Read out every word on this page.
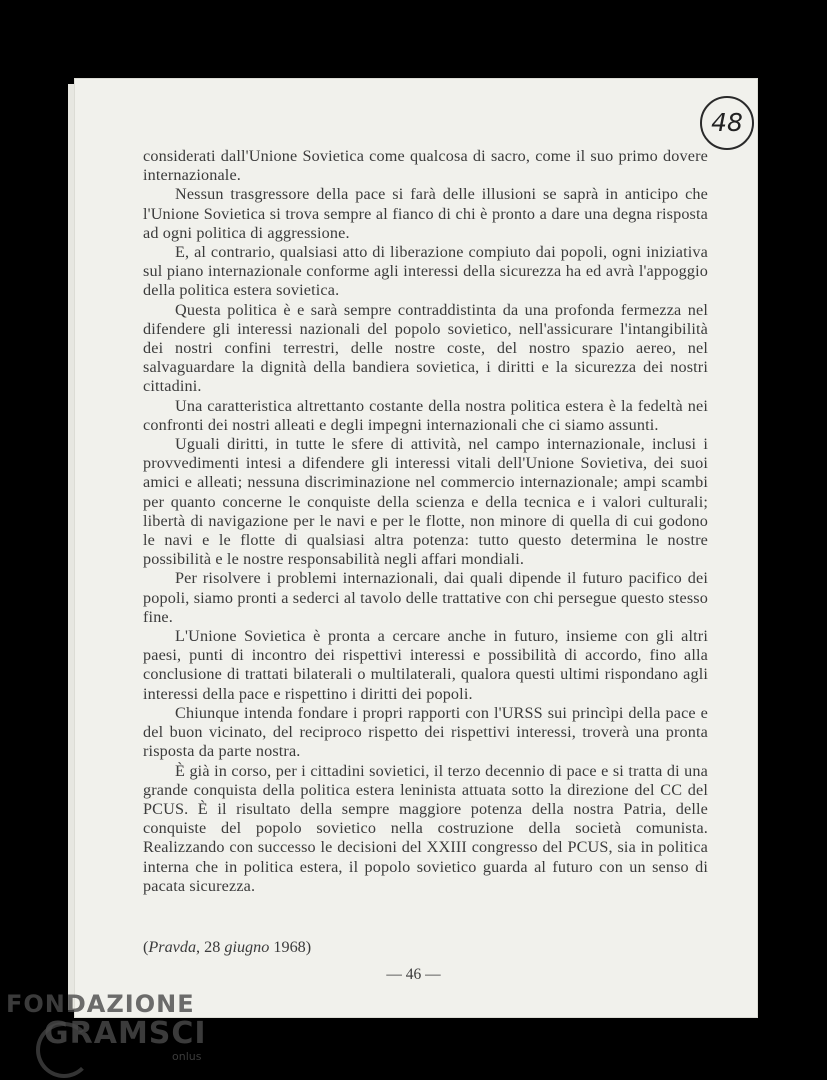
48

considerati dall'Unione Sovietica come qualcosa di sacro, come il suo primo dovere internazionale.

Nessun trasgressore della pace si farà delle illusioni se saprà in anticipo che l'Unione Sovietica si trova sempre al fianco di chi è pronto a dare una degna risposta ad ogni politica di aggressione.

E, al contrario, qualsiasi atto di liberazione compiuto dai popoli, ogni iniziativa sul piano internazionale conforme agli interessi della sicurezza ha ed avrà l'appoggio della politica estera sovietica.

Questa politica è e sarà sempre contraddistinta da una profonda fermezza nel difendere gli interessi nazionali del popolo sovietico, nell'assicurare l'intangibilità dei nostri confini terrestri, delle nostre coste, del nostro spazio aereo, nel salvaguardare la dignità della bandiera sovietica, i diritti e la sicurezza dei nostri cittadini.

Una caratteristica altrettanto costante della nostra politica estera è la fedeltà nei confronti dei nostri alleati e degli impegni internazionali che ci siamo assunti.

Uguali diritti, in tutte le sfere di attività, nel campo internazionale, inclusi i provvedimenti intesi a difendere gli interessi vitali dell'Unione Sovietiva, dei suoi amici e alleati; nessuna discriminazione nel commercio internazionale; ampi scambi per quanto concerne le conquiste della scienza e della tecnica e i valori culturali; libertà di navigazione per le navi e per le flotte, non minore di quella di cui godono le navi e le flotte di qualsiasi altra potenza: tutto questo determina le nostre possibilità e le nostre responsabilità negli affari mondiali.

Per risolvere i problemi internazionali, dai quali dipende il futuro pacifico dei popoli, siamo pronti a sederci al tavolo delle trattative con chi persegue questo stesso fine.

L'Unione Sovietica è pronta a cercare anche in futuro, insieme con gli altri paesi, punti di incontro dei rispettivi interessi e possibilità di accordo, fino alla conclusione di trattati bilaterali o multilaterali, qualora questi ultimi rispondano agli interessi della pace e rispettino i diritti dei popoli.

Chiunque intenda fondare i propri rapporti con l'URSS sui princìpi della pace e del buon vicinato, del reciproco rispetto dei rispettivi interessi, troverà una pronta risposta da parte nostra.

È già in corso, per i cittadini sovietici, il terzo decennio di pace e si tratta di una grande conquista della politica estera leninista attuata sotto la direzione del CC del PCUS. È il risultato della sempre maggiore potenza della nostra Patria, delle conquiste del popolo sovietico nella costruzione della società comunista. Realizzando con successo le decisioni del XXIII congresso del PCUS, sia in politica interna che in politica estera, il popolo sovietico guarda al futuro con un senso di pacata sicurezza.

(Pravda, 28 giugno 1968)
— 46 —
FONDAZIONE
GRAMSCI
onlus
